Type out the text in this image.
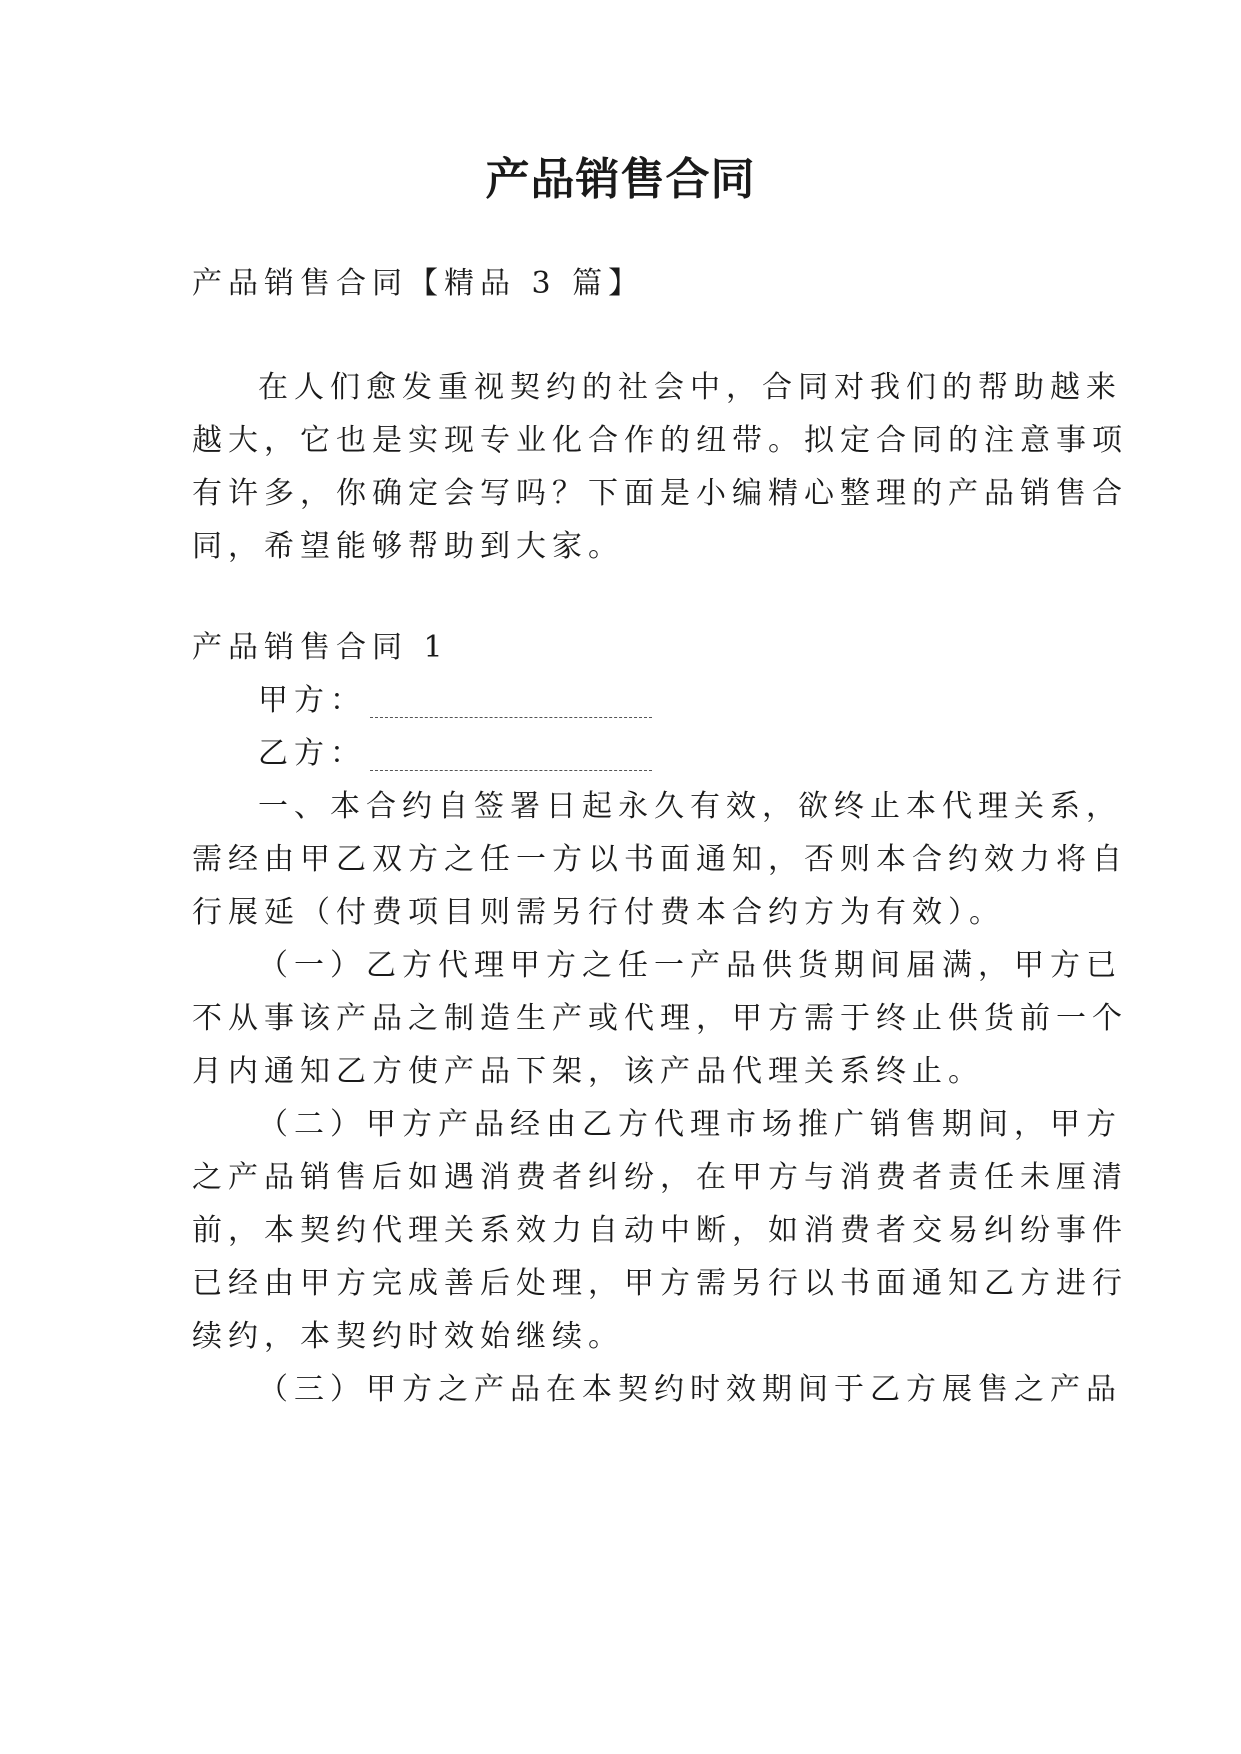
产品销售合同

产品销售合同【精品 3 篇】

在人们愈发重视契约的社会中，合同对我们的帮助越来

越大，它也是实现专业化合作的纽带。拟定合同的注意事项

有许多，你确定会写吗？下面是小编精心整理的产品销售合

同，希望能够帮助到大家。

产品销售合同 1

甲方：
乙方：

一、本合约自签署日起永久有效，欲终止本代理关系，

需经由甲乙双方之任一方以书面通知，否则本合约效力将自

行展延（付费项目则需另行付费本合约方为有效）。

（一）乙方代理甲方之任一产品供货期间届满，甲方已

不从事该产品之制造生产或代理，甲方需于终止供货前一个

月内通知乙方使产品下架，该产品代理关系终止。

（二）甲方产品经由乙方代理市场推广销售期间，甲方

之产品销售后如遇消费者纠纷，在甲方与消费者责任未厘清

前，本契约代理关系效力自动中断，如消费者交易纠纷事件

已经由甲方完成善后处理，甲方需另行以书面通知乙方进行

续约，本契约时效始继续。

（三）甲方之产品在本契约时效期间于乙方展售之产品
